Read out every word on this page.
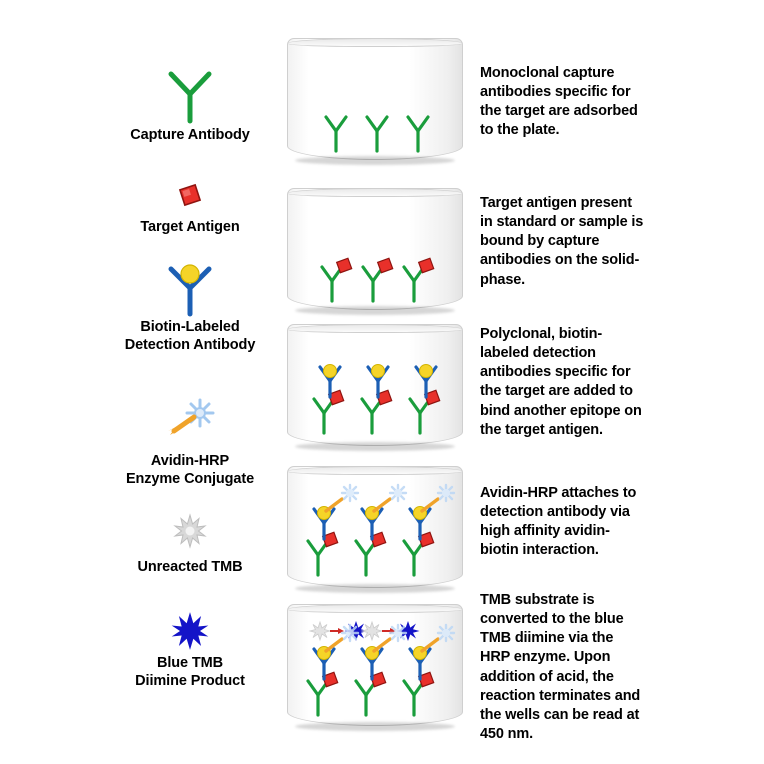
Capture Antibody
Target Antigen
Biotin-Labeled
Detection Antibody
Avidin-HRP
Enzyme Conjugate
Unreacted TMB
Blue TMB
Diimine Product
Monoclonal capture
antibodies specific for
the target are adsorbed
to the plate.
Target antigen present
in standard or sample is
bound by capture
antibodies on the solid-
phase.
Polyclonal, biotin-
labeled detection
antibodies specific for
the target are added to
bind another epitope on
the target antigen.
Avidin-HRP attaches to
detection antibody via
high affinity avidin-
biotin interaction.
TMB substrate is
converted to the blue
TMB diimine via the
HRP enzyme. Upon
addition of acid, the
reaction terminates and
the wells can be read at
450 nm.
